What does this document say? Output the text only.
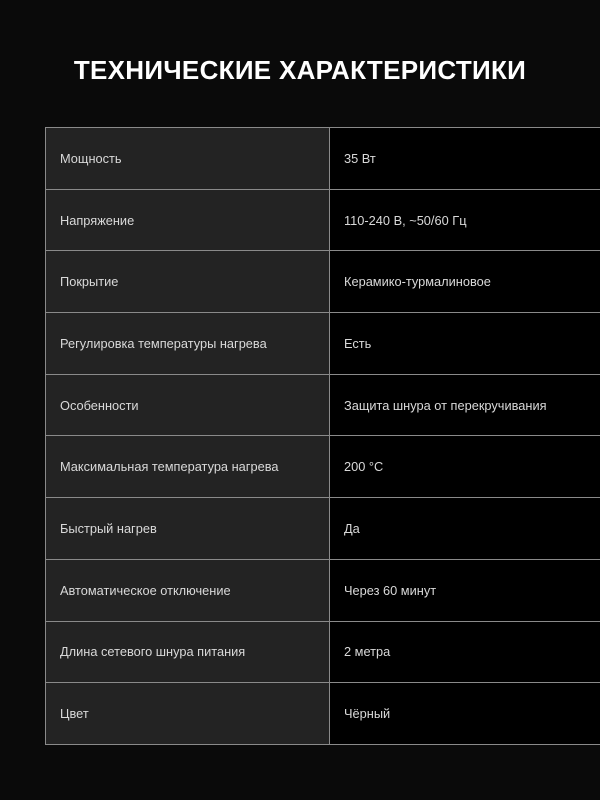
ТЕХНИЧЕСКИЕ ХАРАКТЕРИСТИКИ
Мощность	35 Вт
Напряжение	110-240 В, ~50/60 Гц
Покрытие	Керамико-турмалиновое
Регулировка температуры нагрева	Есть
Особенности	Защита шнура от перекручивания
Максимальная температура нагрева	200 °C
Быстрый нагрев	Да
Автоматическое отключение	Через 60 минут
Длина сетевого шнура питания	2 метра
Цвет	Чёрный
